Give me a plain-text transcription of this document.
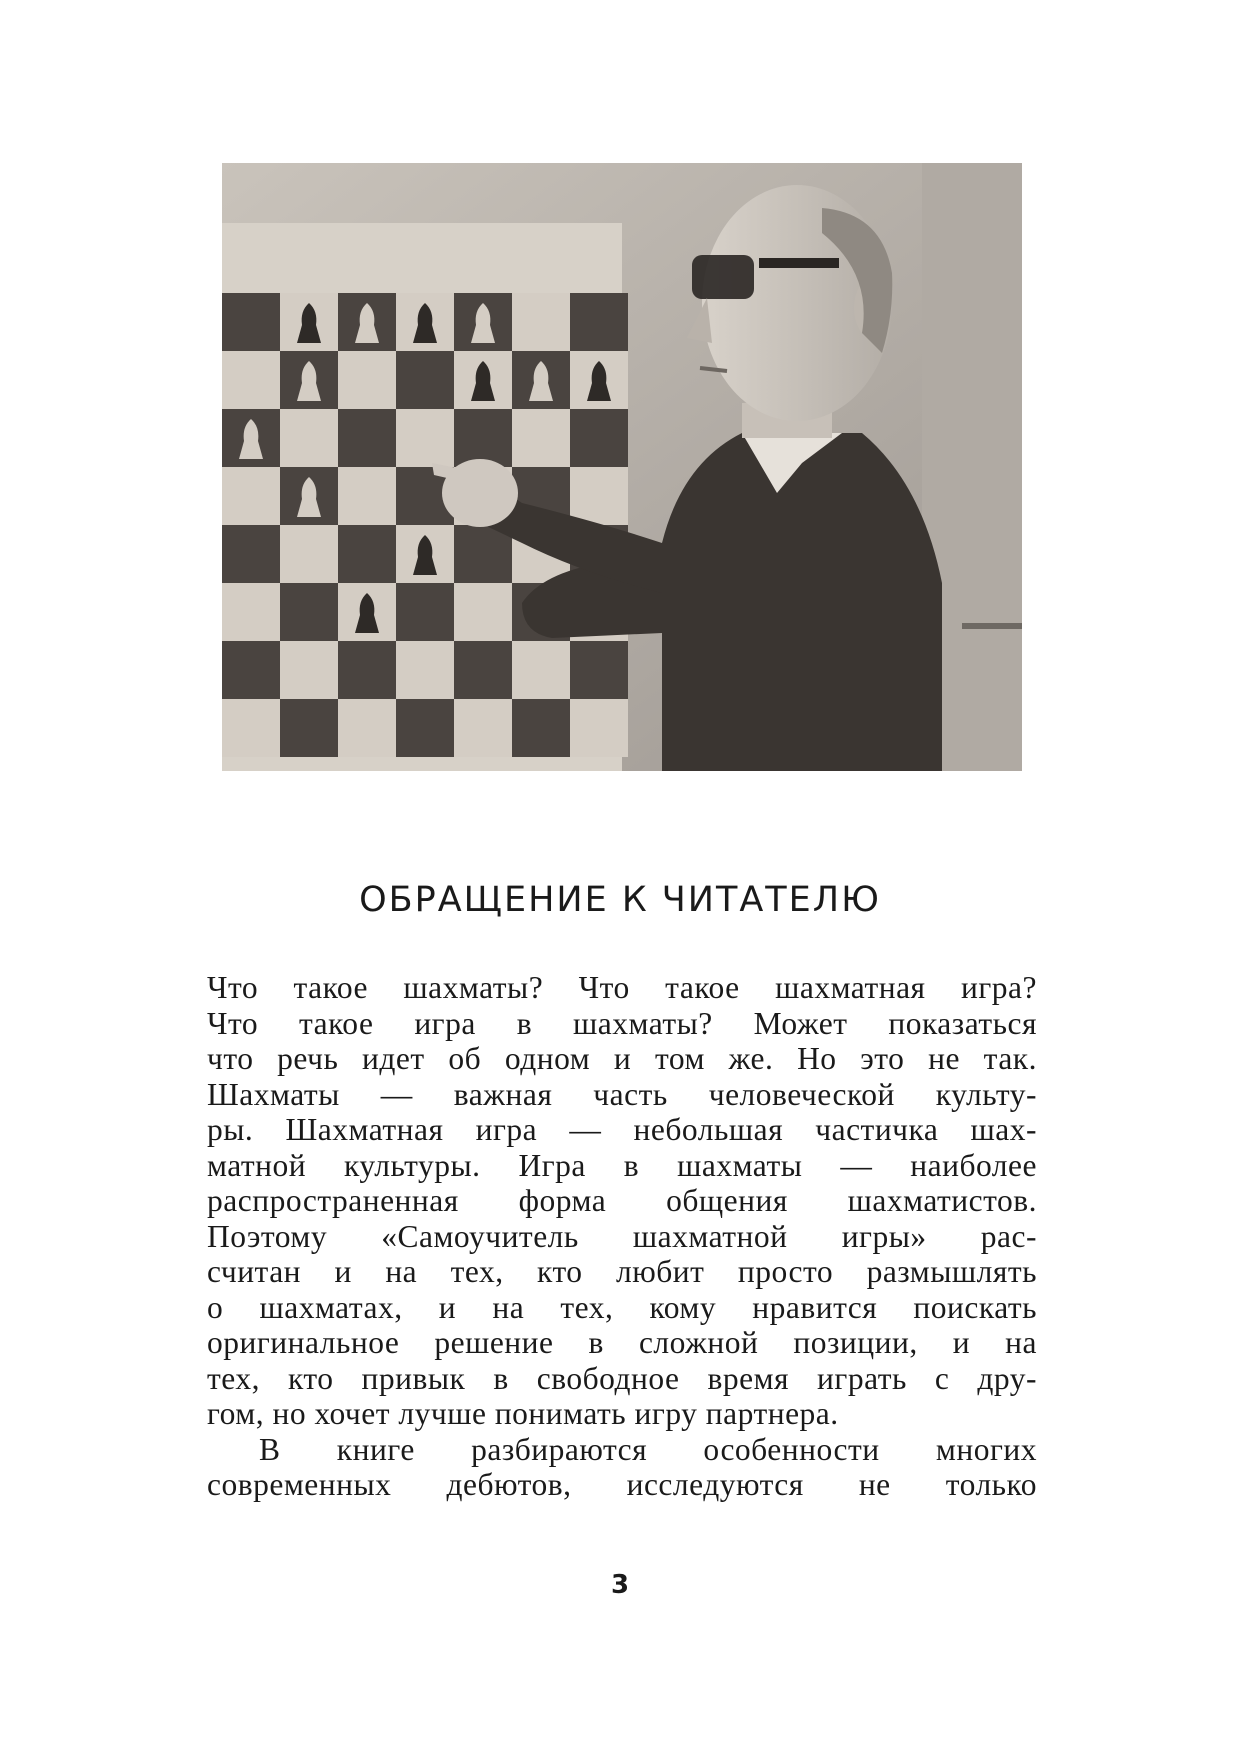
ОБРАЩЕНИЕ К ЧИТАТЕЛЮ
Что такое шахматы? Что такое шахматная игра?
Что такое игра в шахматы? Может показаться
что речь идет об одном и том же. Но это не так.
Шахматы — важная часть человеческой культу-
ры. Шахматная игра — небольшая частичка шах-
матной культуры. Игра в шахматы — наиболее
распространенная форма общения шахматистов.
Поэтому «Самоучитель шахматной игры» рас-
считан и на тех, кто любит просто размышлять
о шахматах, и на тех, кому нравится поискать
оригинальное решение в сложной позиции, и на
тех, кто привык в свободное время играть с дру-
гом, но хочет лучше понимать игру партнера.
В книге разбираются особенности многих
современных дебютов, исследуются не только
3
